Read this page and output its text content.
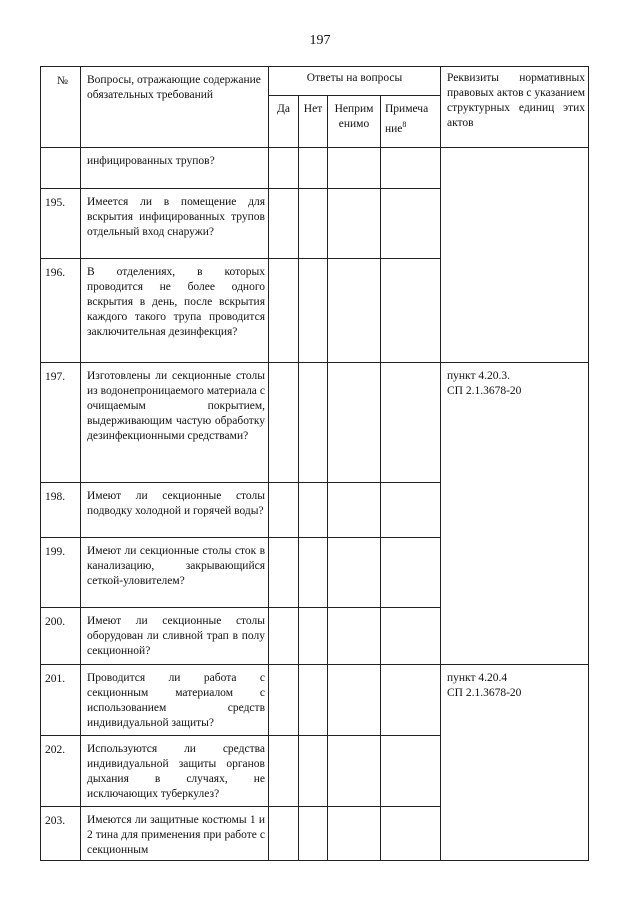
197
№	Вопросы, отражающие содержание обязательных требований	Ответы на вопросы				Реквизиты нормативных правовых актов с указанием структурных единиц этих актов
		Да	Нет	Неприм енимо	Примеча ние$^8$
	инфицированных трупов?					
195.	Имеется ли в помещение для вскрытия инфицированных трупов отдельный вход снаружи?					
196.	В отделениях, в которых проводится не более одного вскрытия в день, после вскрытия каждого такого трупа проводится заключительная дезинфекция?					
197.	Изготовлены ли секционные столы из водонепроницаемого материала с очищаемым покрытием, выдерживающим частую обработку дезинфекционными средствами?					пункт 4.20.3.
СП 2.1.3678-20

198.	Имеют ли секционные столы подводку холодной и горячей воды?					
199.	Имеют ли секционные столы сток в канализацию, закрывающийся сеткой-уловителем?					
200.	Имеют ли секционные столы оборудован ли сливной трап в полу секционной?					
201.	Проводится ли работа с секционным материалом с использованием средств индивидуальной защиты?					пункт 4.20.4
СП 2.1.3678-20

202.	Используются ли средства индивидуальной защиты органов дыхания в случаях, не исключающих туберкулез?					
203.	Имеются ли защитные костюмы 1 и 2 тина для применения при работе с секционным					
